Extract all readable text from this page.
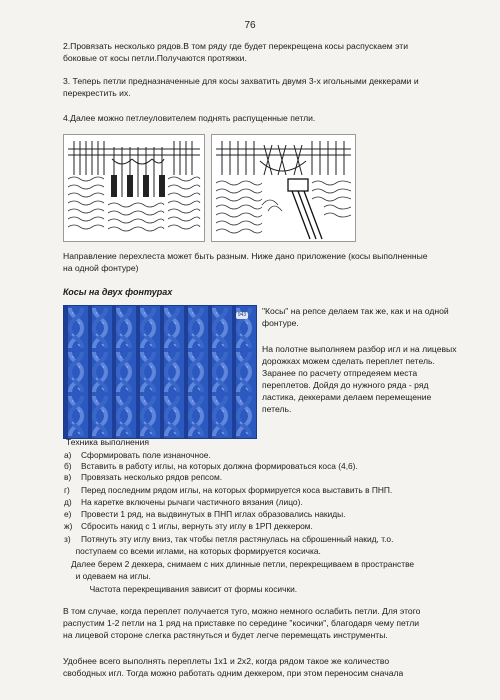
76
2.Провязать несколько рядов.В том ряду где будет перекрещена косы распускаем эти
боковые от косы петли.Получаются протяжки.
3. Теперь петли предназначенные для косы захватить двумя 3-х игольными деккерами и
перекрестить их.
4.Далее можно петлеуловителем поднять распущенные петли.
Направление перехлеста может быть разным. Ниже дано приложение (косы выполненные
на одной фонтуре)
Косы на двух фонтурах
943 "Косы" на репсе делаем так же, как и на одной
фонтуре.
На полотне выполняем разбор игл и на лицевых
дорожках можем сделать переплет петель.
Заранее по расчету отпредеяем места
переплетов. Дойдя до нужного ряда - ряд
ластика, деккерами делаем перемещение
петель.
Техника выполнения
а) Сформировать поле изнаночное.
б) Вставить в работу иглы, на которых должна формироваться коса (4,6).
в) Провязать несколько рядов репсом.
г) Перед последним рядом иглы, на которых формируется коса выставить в ПНП.
д) На каретке включены рычаги частичного вязания (лицо).
е) Провести 1 ряд, на выдвинутых в ПНП иглах образовались накиды.
ж) Сбросить накид с 1 иглы, вернуть эту иглу в 1РП деккером.
з) Потянуть эту иглу вниз, так чтобы петля растянулась на сброшенный накид, т.о.
поступаем со всеми иглами, на которых формируется косичка.
Далее берем 2 деккера, снимаем с них длинные петли, перекрещиваем в пространстве
и одеваем на иглы.
Частота перекрещивания зависит от формы косички.
В том случае, когда переплет получается туго, можно немного ослабить петли. Для этого
распустим 1-2 петли на 1 ряд на приставке по середине "косички", благодаря чему петли
на лицевой стороне слегка растянуться и будет легче перемещать инструменты.
Удобнее всего выполнять переплеты 1х1 и 2х2, когда рядом такое же количество
свободных игл. Тогда можно работать одним деккером, при этом переносим сначала
